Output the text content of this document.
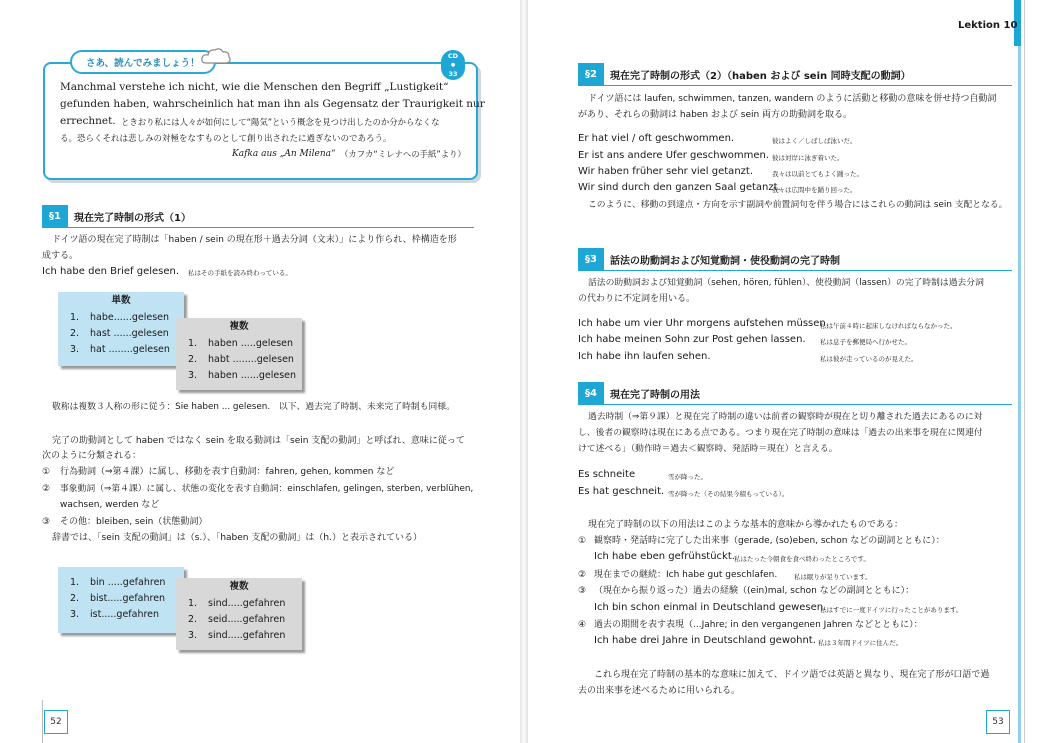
さあ、読んでみましょう！
CD
●
33
Manchmal verstehe ich nicht, wie die Menschen den Begriff „Lustigkeit“
gefunden haben, wahrscheinlich hat man ihn als Gegensatz der Traurigkeit nur
errechnet. ときおり私には人々が如何にして“陽気”という概念を見つけ出したのか分からなくな
る。恐らくそれは悲しみの対極をなすものとして創り出されたに過ぎないのであろう。
Kafka aus „An Milena“ （カフカ“ミレナへの手紙”より）
§1	現在完了時制の形式（1）
ドイツ語の現在完了時制は「haben / sein の現在形＋過去分詞（文末）」により作られ、枠構造を形
成する。
Ich habe den Brief gelesen. 私はその手紙を読み終わっている。
単数
1. habe......gelesen
2. hast ......gelesen
3. hat ........gelesen
複数
1. haben .....gelesen
2. habt ........gelesen
3. haben ......gelesen
敬称は複数３人称の形に従う：Sie haben ... gelesen.　以下、過去完了時制、未来完了時制も同様。
完了の助動詞として haben ではなく sein を取る動詞は「sein 支配の動詞」と呼ばれ、意味に従って
次のように分類される：
① 行為動詞（⇒第４課）に属し、移動を表す自動詞：fahren, gehen, kommen など
② 事象動詞（⇒第４課）に属し、状態の変化を表す自動詞：einschlafen, gelingen, sterben, verblühen,
wachsen, werden など
③ その他：bleiben, sein（状態動詞）
辞書では、「sein 支配の動詞」は（s.）、「haben 支配の動詞」は（h.）と表示されている）
1. bin .....gefahren
2. bist.....gefahren
3. ist.....gefahren
複数
1. sind.....gefahren
2. seid.....gefahren
3. sind.....gefahren
52
§2	現在完了時制の形式（2）（haben および sein 同時支配の動詞）
ドイツ語には laufen, schwimmen, tanzen, wandern のように活動と移動の意味を併せ持つ自動詞
があり、それらの動詞は haben および sein 両方の助動詞を取る。
Er hat viel / oft geschwommen.	彼はよく／しばしば泳いだ。
Er ist ans andere Ufer geschwommen. 彼は対岸に泳ぎ着いた。
Wir haben früher sehr viel getanzt.	我々は以前とてもよく踊った。
Wir sind durch den ganzen Saal getanzt.
我々は広間中を踊り回った。
このように、移動の到達点・方向を示す副詞や前置詞句を伴う場合にはこれらの動詞は sein 支配となる。
§3	話法の助動詞および知覚動詞・使役動詞の完了時制
話法の助動詞および知覚動詞（sehen, hören, fühlen）、使役動詞（lassen）の完了時制は過去分詞
の代わりに不定詞を用いる。
Ich habe um vier Uhr morgens aufstehen müssen.
私は午前４時に起床しなければならなかった。
Ich habe meinen Sohn zur Post gehen lassen. 私は息子を郵便局へ行かせた。
Ich habe ihn laufen sehen.	私は彼が走っているのが見えた。
§4	現在完了時制の用法
過去時制（⇒第９課）と現在完了時制の違いは前者の観察時が現在と切り離された過去にあるのに対
し、後者の観察時は現在にある点である。つまり現在完了時制の意味は「過去の出来事を現在に関連付
けて述べる」（動作時＝過去＜観察時、発話時＝現在）と言える。
Es schneite	雪が降った。
Es hat geschneit. 雪が降った（その結果今積もっている）。
現在完了時制の以下の用法はこのような基本的意味から導かれたものである：
① 観察時・発話時に完了した出来事（gerade, (so)eben, schon などの副詞とともに）：
Ich habe eben gefrühstückt. 私はたった今朝食を食べ終わったところです。
② 現在までの継続：Ich habe gut geschlafen.	私は眠りが足りています。
③ （現在から振り返った）過去の経験（(ein)mal, schon などの副詞とともに）：
Ich bin schon einmal in Deutschland gewesen.
私はすでに一度ドイツに行ったことがあります。
④ 過去の期間を表す表現（...Jahre; in den vergangenen Jahren などとともに）：
Ich habe drei Jahre in Deutschland gewohnt. 私は３年間ドイツに住んだ。
これら現在完了時制の基本的な意味に加えて、ドイツ語では英語と異なり、現在完了形が口語で過
去の出来事を述べるために用いられる。
53
Lektion 10
